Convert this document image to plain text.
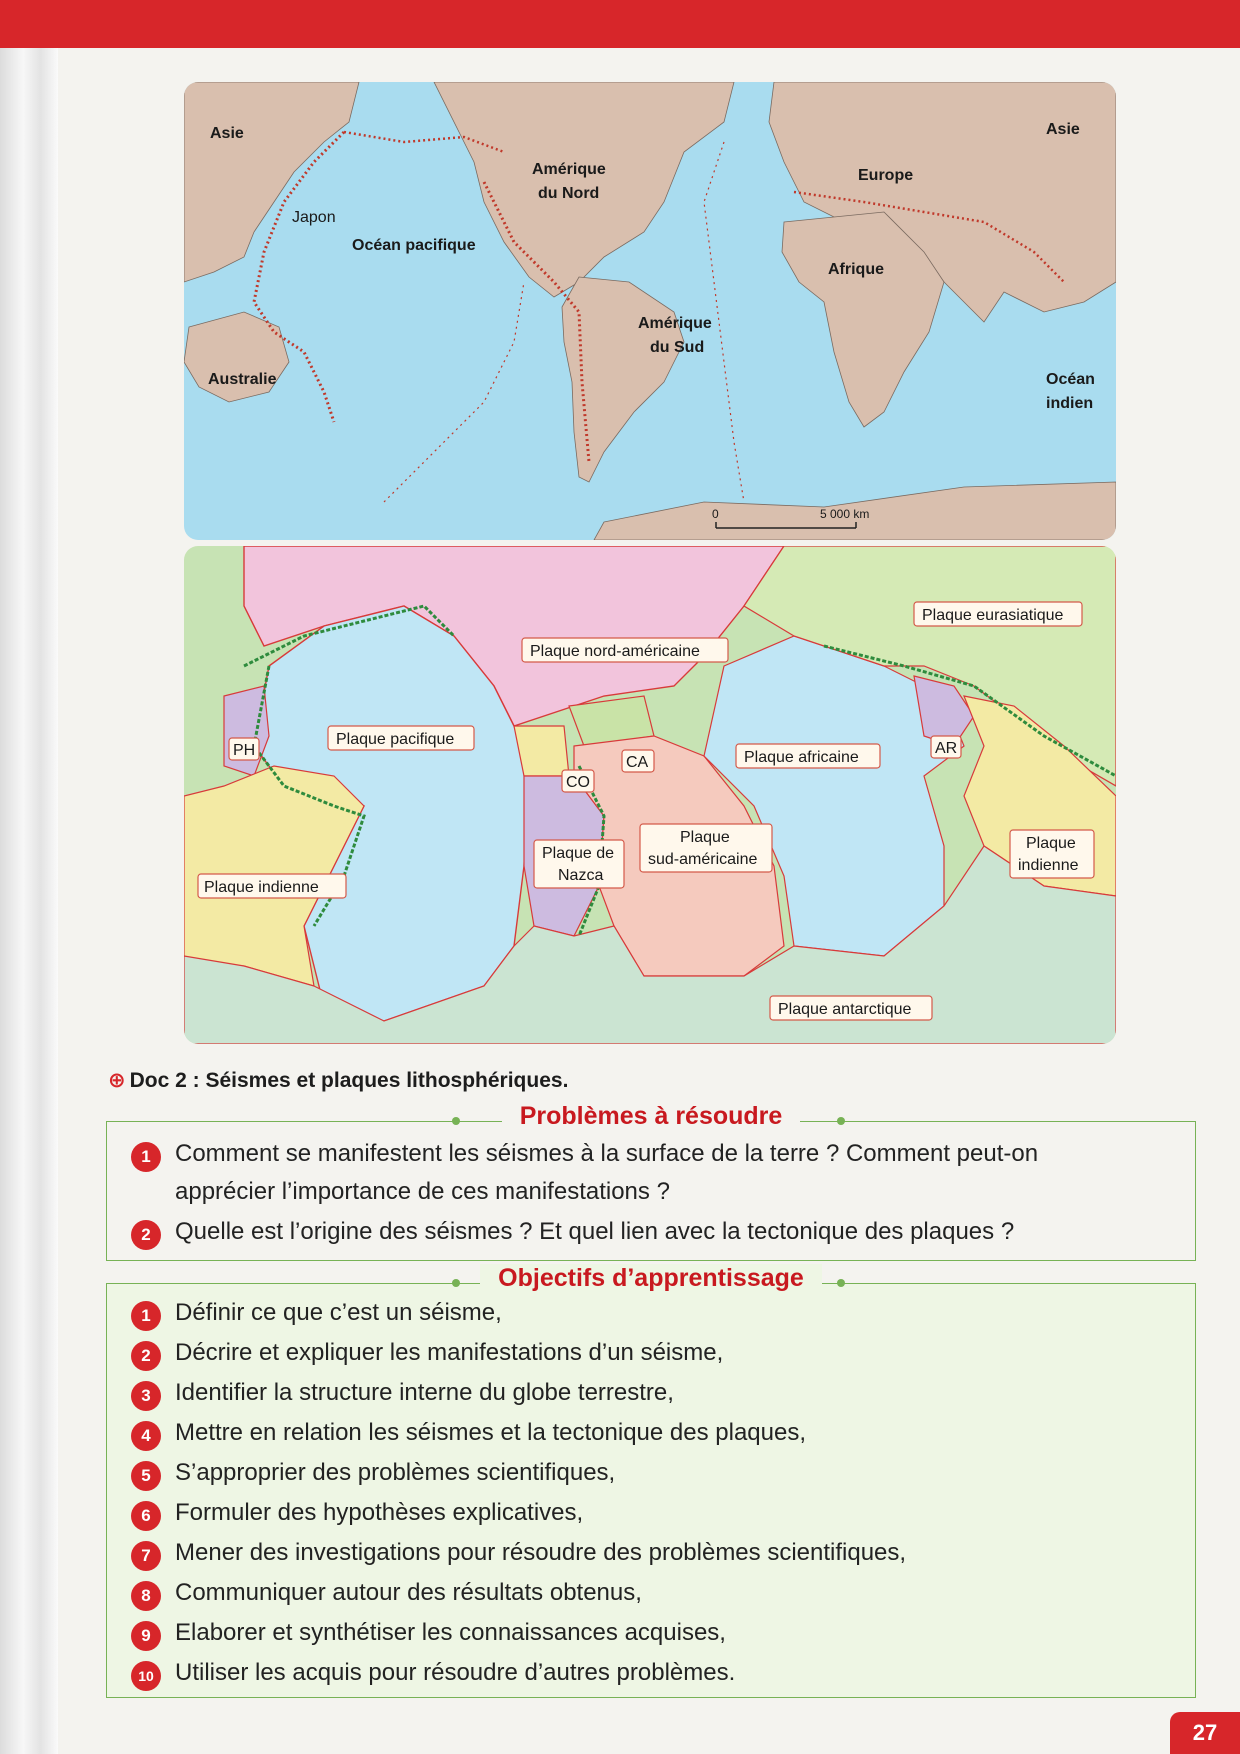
Asie	Asie
Japon
Océan pacifique
Amérique
du Nord
Europe
Afrique
Amérique
du Sud
Australie	Océan
indien
0	5 000 km
Plaque eurasiatique
Plaque nord-américaine
Plaque pacifique
Plaque africaine
PH	AR
CA
CO
Plaque indienne
Plaque de
Nazca
Plaque
sud-américaine
Plaque
indienne
Plaque antarctique
⊕ Doc 2 : Séismes et plaques lithosphériques.
Problèmes à résoudre
1	Comment se manifestent les séismes à la surface de la terre ? Comment peut-on
apprécier l’importance de ces manifestations ?
2	Quelle est l’origine des séismes ? Et quel lien avec la tectonique des plaques ?
Objectifs d’apprentissage
1	Définir ce que c’est un séisme,
2	Décrire et expliquer les manifestations d’un séisme,
3	Identifier la structure interne du globe terrestre,
4	Mettre en relation les séismes et la tectonique des plaques,
5	S’approprier des problèmes scientifiques,
6	Formuler des hypothèses explicatives,
7	Mener des investigations pour résoudre des problèmes scientifiques,
8	Communiquer autour des résultats obtenus,
9	Elaborer et synthétiser les connaissances acquises,
10 Utiliser les acquis pour résoudre d’autres problèmes.
27
